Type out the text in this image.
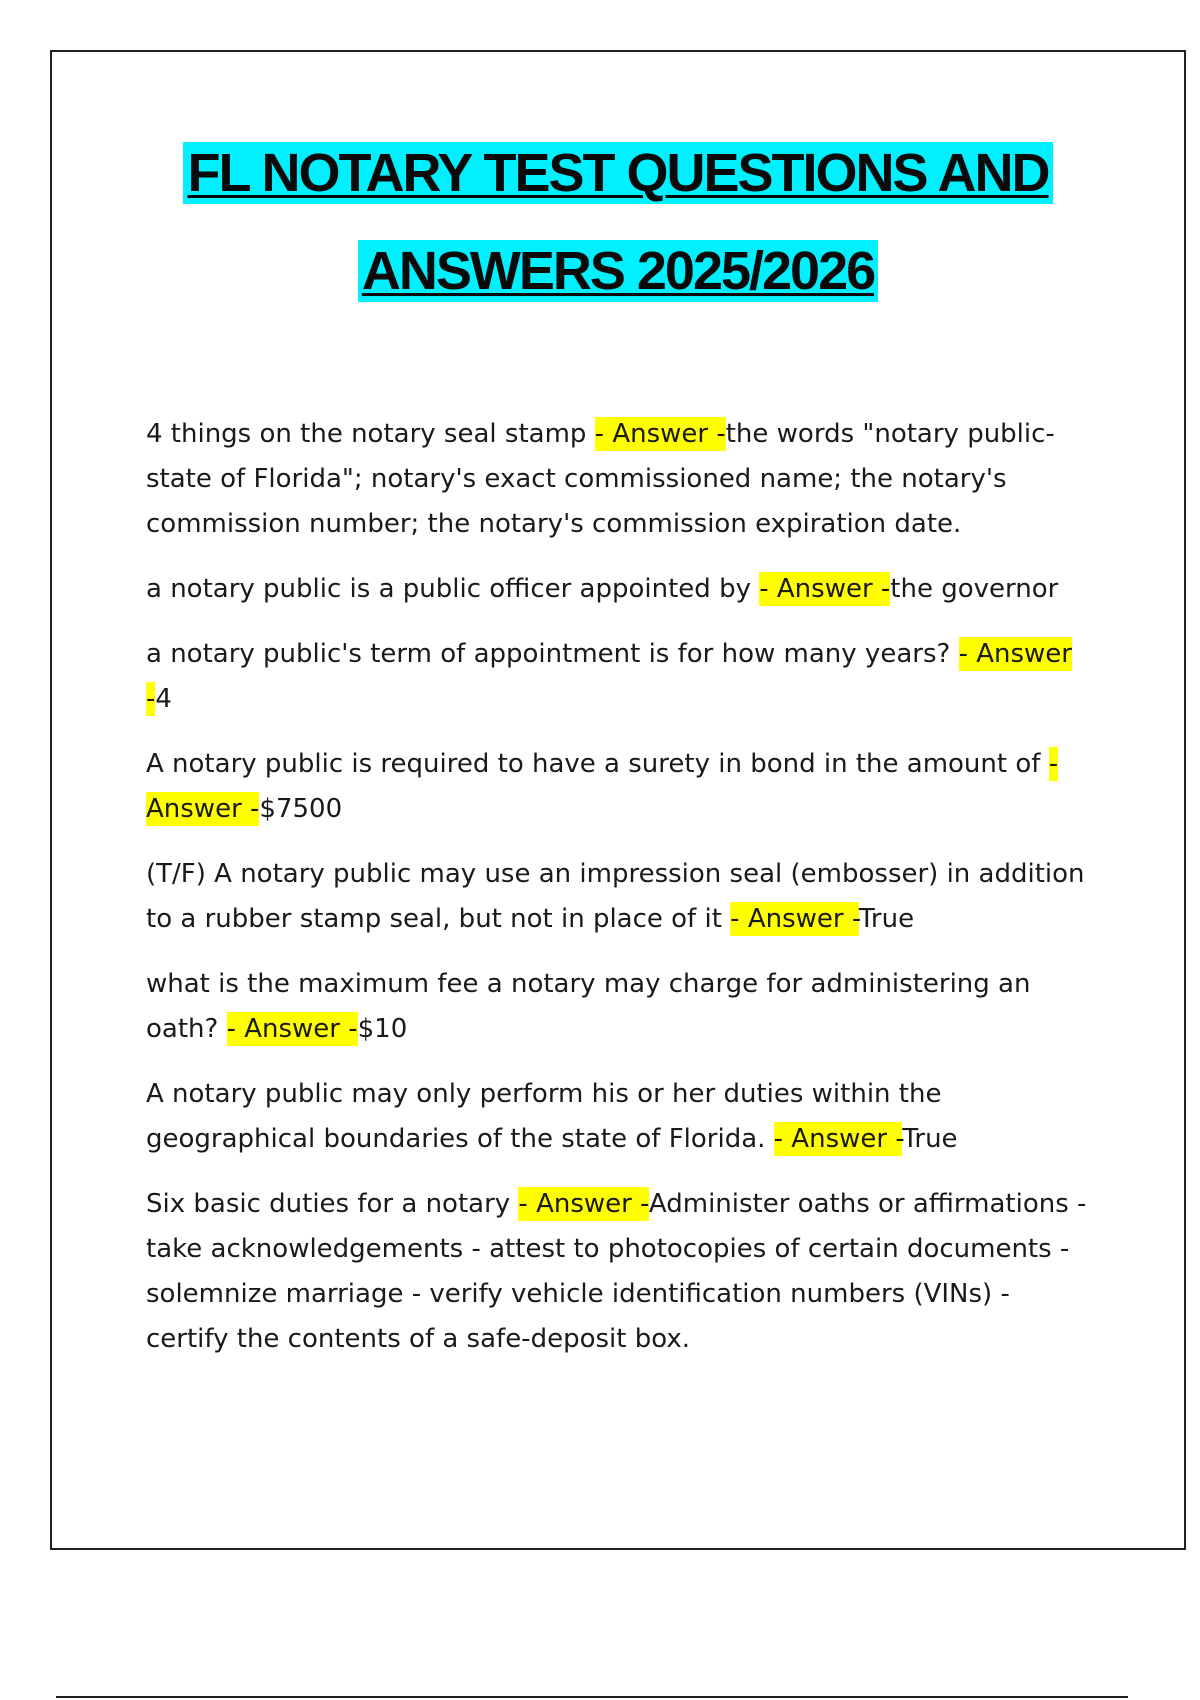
FL NOTARY TEST QUESTIONS AND
ANSWERS 2025/2026

4 things on the notary seal stamp - Answer -the words "notary public-state of Florida"; notary's exact commissioned name; the notary's commission number; the notary's commission expiration date.

a notary public is a public officer appointed by - Answer -the governor

a notary public's term of appointment is for how many years? - Answer -4

A notary public is required to have a surety in bond in the amount of - Answer -$7500

(T/F) A notary public may use an impression seal (embosser) in addition to a rubber stamp seal, but not in place of it - Answer -True

what is the maximum fee a notary may charge for administering an oath? - Answer -$10

A notary public may only perform his or her duties within the geographical boundaries of the state of Florida. - Answer -True

Six basic duties for a notary - Answer -Administer oaths or affirmations - take acknowledgements - attest to photocopies of certain documents - solemnize marriage - verify vehicle identification numbers (VINs) - certify the contents of a safe-deposit box.
